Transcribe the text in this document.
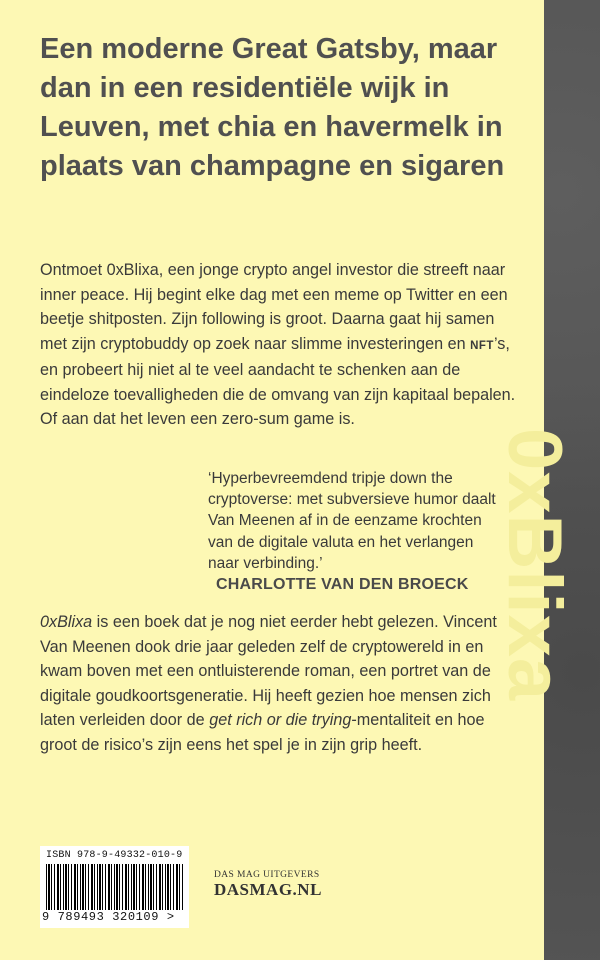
0xBlixa
Een moderne Great Gatsby, maar dan in een residentiële wijk in Leuven, met chia en havermelk in plaats van champagne en sigaren

Ontmoet 0xBlixa, een jonge crypto angel investor die streeft naar inner peace. Hij begint elke dag met een meme op Twitter en een beetje shitposten. Zijn following is groot. Daarna gaat hij samen met zijn cryptobuddy op zoek naar slimme investeringen en NFT’s, en probeert hij niet al te veel aandacht te schenken aan de eindeloze toevalligheden die de omvang van zijn kapitaal bepalen. Of aan dat het leven een zero-sum game is.

‘Hyperbevreemdend tripje down the cryptoverse: met subversieve humor daalt Van Meenen af in de eenzame krochten van de digitale valuta en het verlangen naar verbinding.’

CHARLOTTE VAN DEN BROECK

0xBlixa is een boek dat je nog niet eerder hebt gelezen. Vincent Van Meenen dook drie jaar geleden zelf de cryptowereld in en kwam boven met een ontluisterende roman, een portret van de digitale goudkoortsgeneratie. Hij heeft gezien hoe mensen zich laten verleiden door de get rich or die trying-mentaliteit en hoe groot de risico’s zijn eens het spel je in zijn grip heeft.

ISBN 978-9-49332-010-9
9 789493 320109 >

DAS MAG UITGEVERS

DASMAG.NL
